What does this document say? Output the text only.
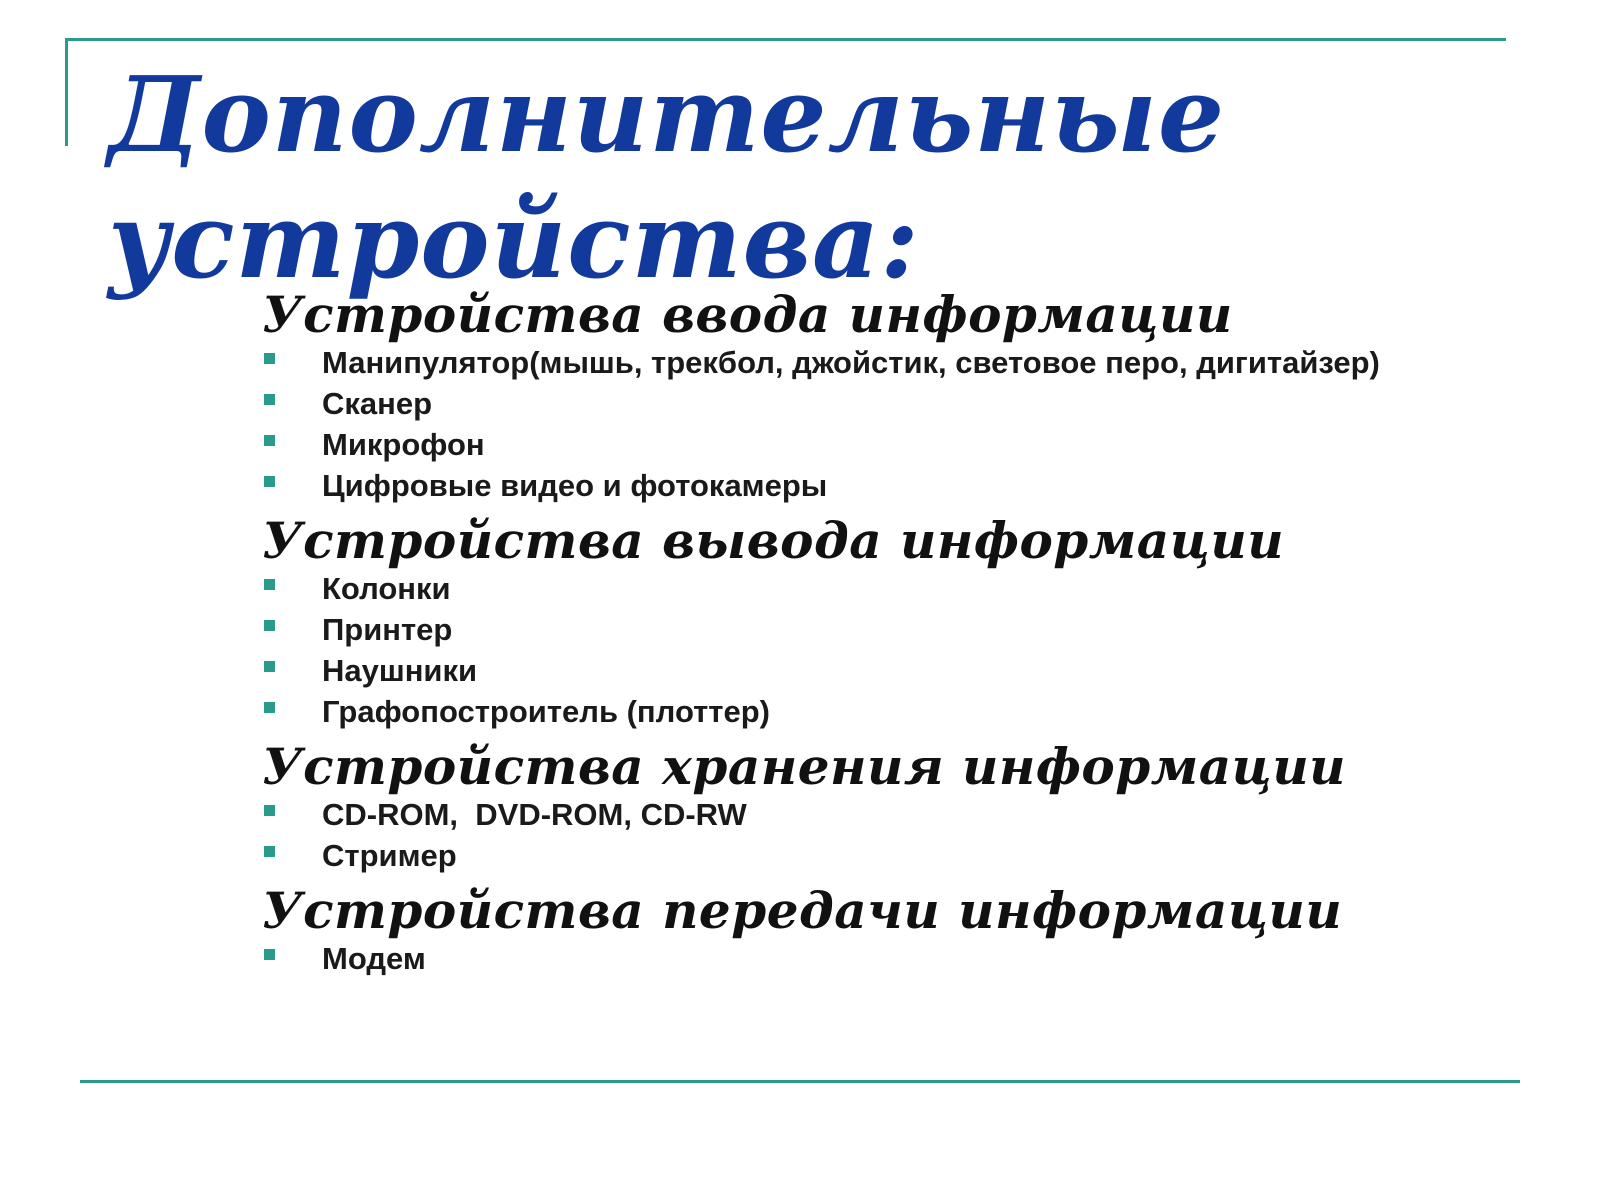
Дополнительные устройства:
Устройства ввода информации
Манипулятор(мышь, трекбол, джойстик, световое перо, дигитайзер)
Сканер
Микрофон
Цифровые видео и фотокамеры
Устройства вывода информации
Колонки
Принтер
Наушники
Графопостроитель (плоттер)
Устройства хранения информации
CD-ROM,  DVD-ROM, CD-RW
Стример
Устройства передачи информации
Модем
